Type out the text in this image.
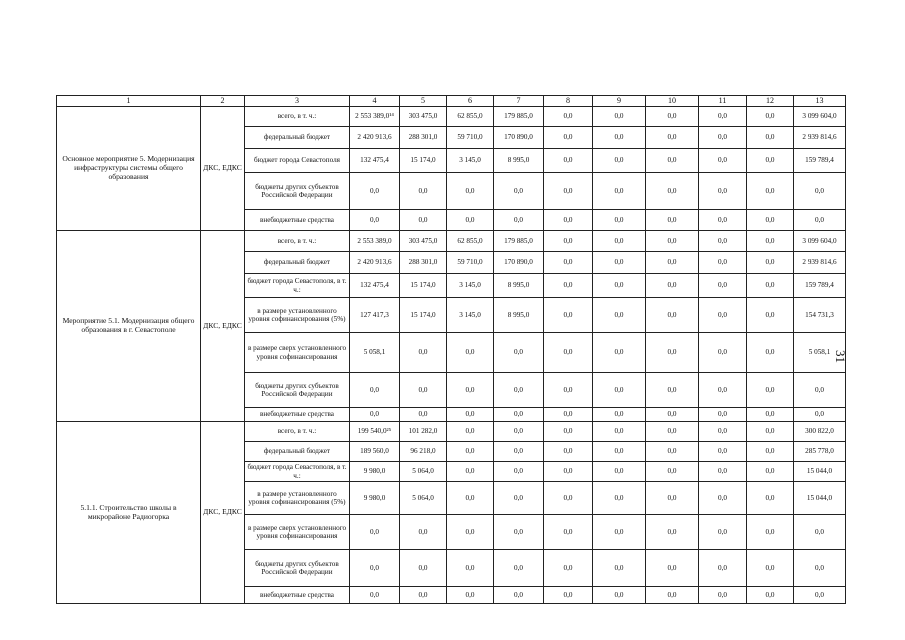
31
1	2	3	4	5	6	7	8	9	10	11	12	13
Основное мероприятие 5. Модернизация инфраструктуры системы общего образования	ДКС, ЕДКС	всего, в т. ч.:	2 553 389,0¹⁴	303 475,0	62 855,0	179 885,0	0,0	0,0	0,0	0,0	0,0	3 099 604,0
		федеральный бюджет	2 420 913,6	288 301,0	59 710,0	170 890,0	0,0	0,0	0,0	0,0	0,0	2 939 814,6
		бюджет города Севастополя	132 475,4	15 174,0	3 145,0	8 995,0	0,0	0,0	0,0	0,0	0,0	159 789,4
		бюджеты других субъектов Российской Федерации	0,0	0,0	0,0	0,0	0,0	0,0	0,0	0,0	0,0	0,0
		внебюджетные средства	0,0	0,0	0,0	0,0	0,0	0,0	0,0	0,0	0,0	0,0
Мероприятие 5.1. Модернизация общего образования в г. Севастополе	ДКС, ЕДКС	всего, в т. ч.:	2 553 389,0	303 475,0	62 855,0	179 885,0	0,0	0,0	0,0	0,0	0,0	3 099 604,0
		федеральный бюджет	2 420 913,6	288 301,0	59 710,0	170 890,0	0,0	0,0	0,0	0,0	0,0	2 939 814,6
		бюджет города Севастополя, в т. ч.:	132 475,4	15 174,0	3 145,0	8 995,0	0,0	0,0	0,0	0,0	0,0	159 789,4
		в размере установленного уровня софинансирования (5%)	127 417,3	15 174,0	3 145,0	8 995,0	0,0	0,0	0,0	0,0	0,0	154 731,3
		в размере сверх установленного уровня софинансирования	5 058,1	0,0	0,0	0,0	0,0	0,0	0,0	0,0	0,0	5 058,1
		бюджеты других субъектов Российской Федерации	0,0	0,0	0,0	0,0	0,0	0,0	0,0	0,0	0,0	0,0
		внебюджетные средства	0,0	0,0	0,0	0,0	0,0	0,0	0,0	0,0	0,0	0,0
5.1.1. Строительство школы в микрорайоне Радиогорка	ДКС, ЕДКС	всего, в т. ч.:	199 540,0²⁵	101 282,0	0,0	0,0	0,0	0,0	0,0	0,0	0,0	300 822,0
		федеральный бюджет	189 560,0	96 218,0	0,0	0,0	0,0	0,0	0,0	0,0	0,0	285 778,0
		бюджет города Севастополя, в т. ч.:	9 980,0	5 064,0	0,0	0,0	0,0	0,0	0,0	0,0	0,0	15 044,0
		в размере установленного уровня софинансирования (5%)	9 980,0	5 064,0	0,0	0,0	0,0	0,0	0,0	0,0	0,0	15 044,0
		в размере сверх установленного уровня софинансирования	0,0	0,0	0,0	0,0	0,0	0,0	0,0	0,0	0,0	0,0
		бюджеты других субъектов Российской Федерации	0,0	0,0	0,0	0,0	0,0	0,0	0,0	0,0	0,0	0,0
		внебюджетные средства	0,0	0,0	0,0	0,0	0,0	0,0	0,0	0,0	0,0	0,0
